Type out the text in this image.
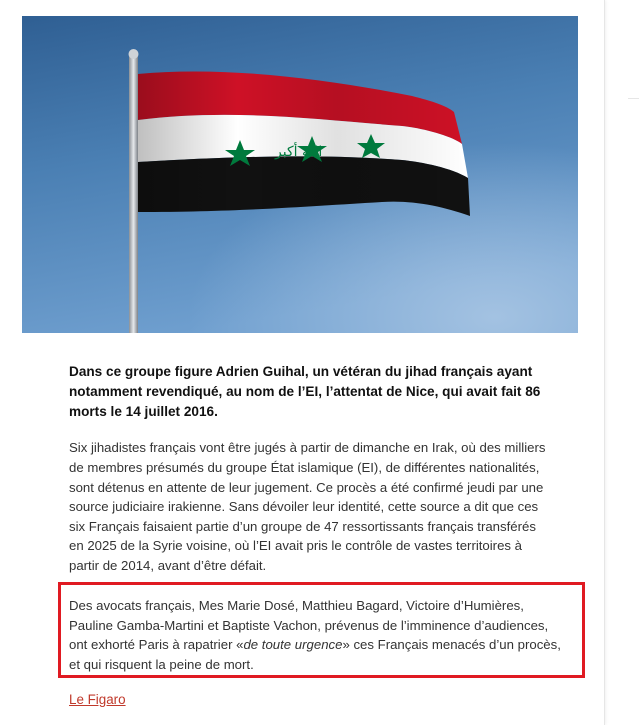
الله أكبر

Dans ce groupe figure Adrien Guihal, un vétéran du jihad français ayant notamment revendiqué, au nom de l’EI, l’attentat de Nice, qui avait fait 86 morts le 14 juillet 2016.

Six jihadistes français vont être jugés à partir de dimanche en Irak, où des milliers de membres présumés du groupe État islamique (EI), de différentes nationalités, sont détenus en attente de leur jugement. Ce procès a été confirmé jeudi par une source judiciaire irakienne. Sans dévoiler leur identité, cette source a dit que ces six Français faisaient partie d’un groupe de 47 ressortissants français transférés en 2025 de la Syrie voisine, où l’EI avait pris le contrôle de vastes territoires à partir de 2014, avant d’être défait.

Des avocats français, Mes Marie Dosé, Matthieu Bagard, Victoire d’Humières, Pauline Gamba-Martini et Baptiste Vachon, prévenus de l’imminence d’audiences, ont exhorté Paris à rapatrier «de toute urgence» ces Français menacés d’un procès, et qui risquent la peine de mort.

Le Figaro
